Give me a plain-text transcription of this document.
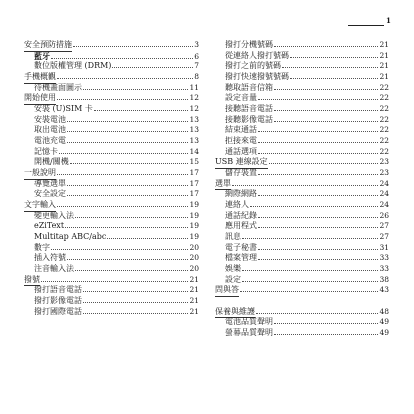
1
安全預防措施	3
藍牙	6
數位版權管理 (DRM)	7
手機概觀	8
待機畫面圖示	11
開始使用	12
安裝 (U)SIM 卡	12
安裝電池	13
取出電池	13
電池充電	13
記憶卡	14
開機/關機	15
一般說明	17
導覽選單	17
安全設定	17
文字輸入	19
變更輸入法	19
eZiText	19
Multitap ABC/abc	19
數字	20
插入符號	20
注音輸入法	20
撥號	21
撥打語音電話	21
撥打影像電話	21
撥打國際電話	21
撥打分機號碼	21
從連絡人撥打號碼	21
撥打之前的號碼	21
撥打快速撥號號碼	21
聽取語音信箱	22
設定音量	22
接聽語音電話	22
接聽影像電話	22
結束通話	22
拒接來電	22
通話選項	22
USB 連線設定	23
儲存裝置	23
選單	24
網際網路	24
連絡人	24
通話紀錄	26
應用程式	27
訊息	27
電子秘書	31
檔案管理	33
娛樂	33
設定	38
問與答	43
保養與維護	48
電池品質聲明	49
螢幕品質聲明	49
